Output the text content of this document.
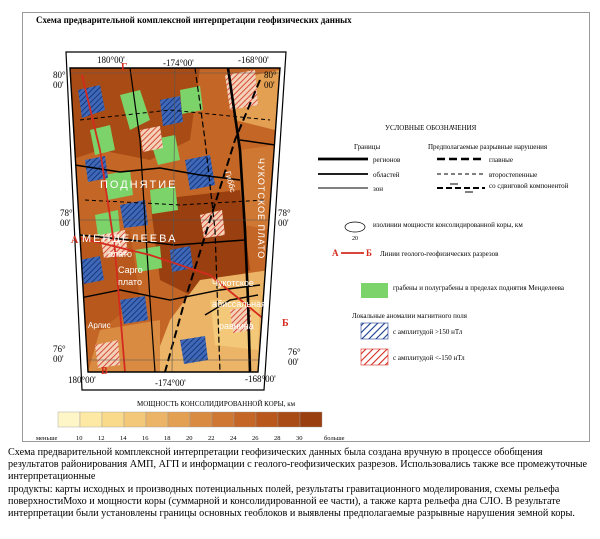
Схема предварительной комплексной интерпретации геофизических данных
180°00'	-174°00'	-168°00'
180°00'	-174°00'	-168°00'
80° 00'
78° 00'
76° 00'
80° 00'
78° 00'
76° 00'
Г
А
Б
В
ПОДНЯТИЕ
МЕНДЕЛЕЕВА
плато
Сарго
плато	Чукотское
абиссальная
равнина
ЧУКОТСКОЕ ПЛАТО
Гиббс
Арлис
УСЛОВНЫЕ ОБОЗНАЧЕНИЯ
Границы	Предполагаемые разрывные нарушения
регионов
областей
зон
главные
второстепенные
со сдвиговой компонентой
20
изолинии мощности консолидированной коры, км
А	Б Линии геолого-геофизических разрезов
грабены и полуграбены в пределах поднятия Менделеева
Локальные аномалии магнитного поля
с амплитудой >150 нТл
с амплитудой <-150 нТл
МОЩНОСТЬ КОНСОЛИДИРОВАННОЙ КОРЫ, км
меньше	10 12 14 16 18 20 22 24 26 28 30	больше

Схема предварительной комплексной интерпретации геофизических данных была создана вручную в процессе обобщения результатов районирования АМП, АГП и информации с геолого-геофизических разрезов. Использовались также все промежуточные интерпретационные

продукты: карты исходных и производных потенциальных полей, результаты гравитационного моделирования, схемы рельефа поверхностиМохо и мощности коры (суммарной и консолидированной ее части), а также карта рельефа дна СЛО. В результате интерпретации были установлены границы основных геоблоков и выявлены предполагаемые разрывные нарушения земной коры.
